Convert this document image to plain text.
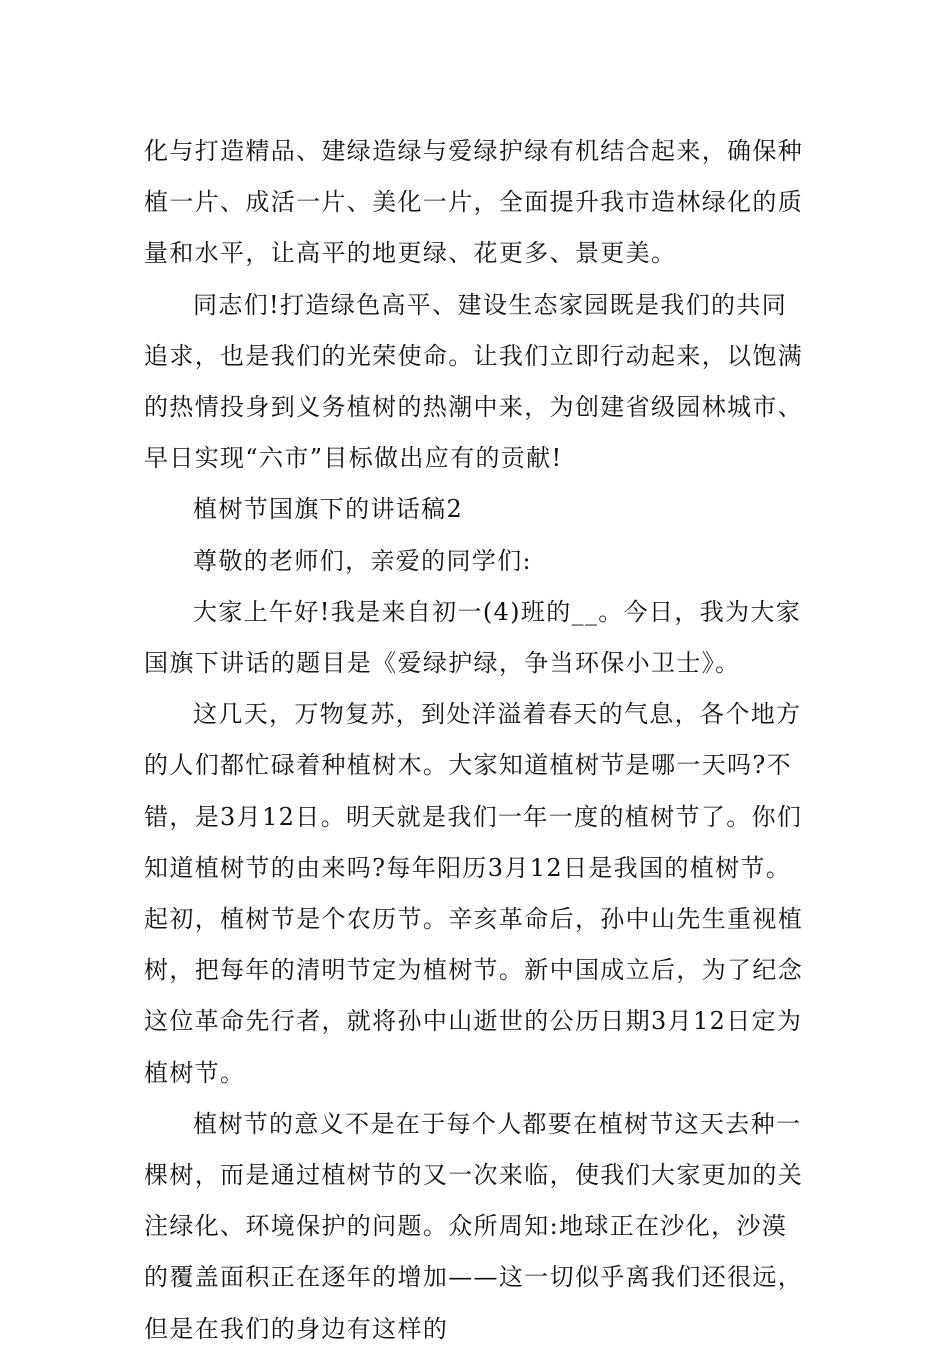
化与打造精品、建绿造绿与爱绿护绿有机结合起来，确保种植一片、成活一片、美化一片，全面提升我市造林绿化的质量和水平，让高平的地更绿、花更多、景更美。

同志们!打造绿色高平、建设生态家园既是我们的共同追求，也是我们的光荣使命。让我们立即行动起来，以饱满的热情投身到义务植树的热潮中来，为创建省级园林城市、早日实现“六市”目标做出应有的贡献!

植树节国旗下的讲话稿2

尊敬的老师们，亲爱的同学们:

大家上午好!我是来自初一(4)班的__。今日，我为大家国旗下讲话的题目是《爱绿护绿，争当环保小卫士》。

这几天，万物复苏，到处洋溢着春天的气息，各个地方的人们都忙碌着种植树木。大家知道植树节是哪一天吗?不错，是3月12日。明天就是我们一年一度的植树节了。你们知道植树节的由来吗?每年阳历3月12日是我国的植树节。起初，植树节是个农历节。辛亥革命后，孙中山先生重视植树，把每年的清明节定为植树节。新中国成立后，为了纪念这位革命先行者，就将孙中山逝世的公历日期3月12日定为植树节。

植树节的意义不是在于每个人都要在植树节这天去种一棵树，而是通过植树节的又一次来临，使我们大家更加的关注绿化、环境保护的问题。众所周知:地球正在沙化，沙漠的覆盖面积正在逐年的增加——这一切似乎离我们还很远，但是在我们的身边有这样的
